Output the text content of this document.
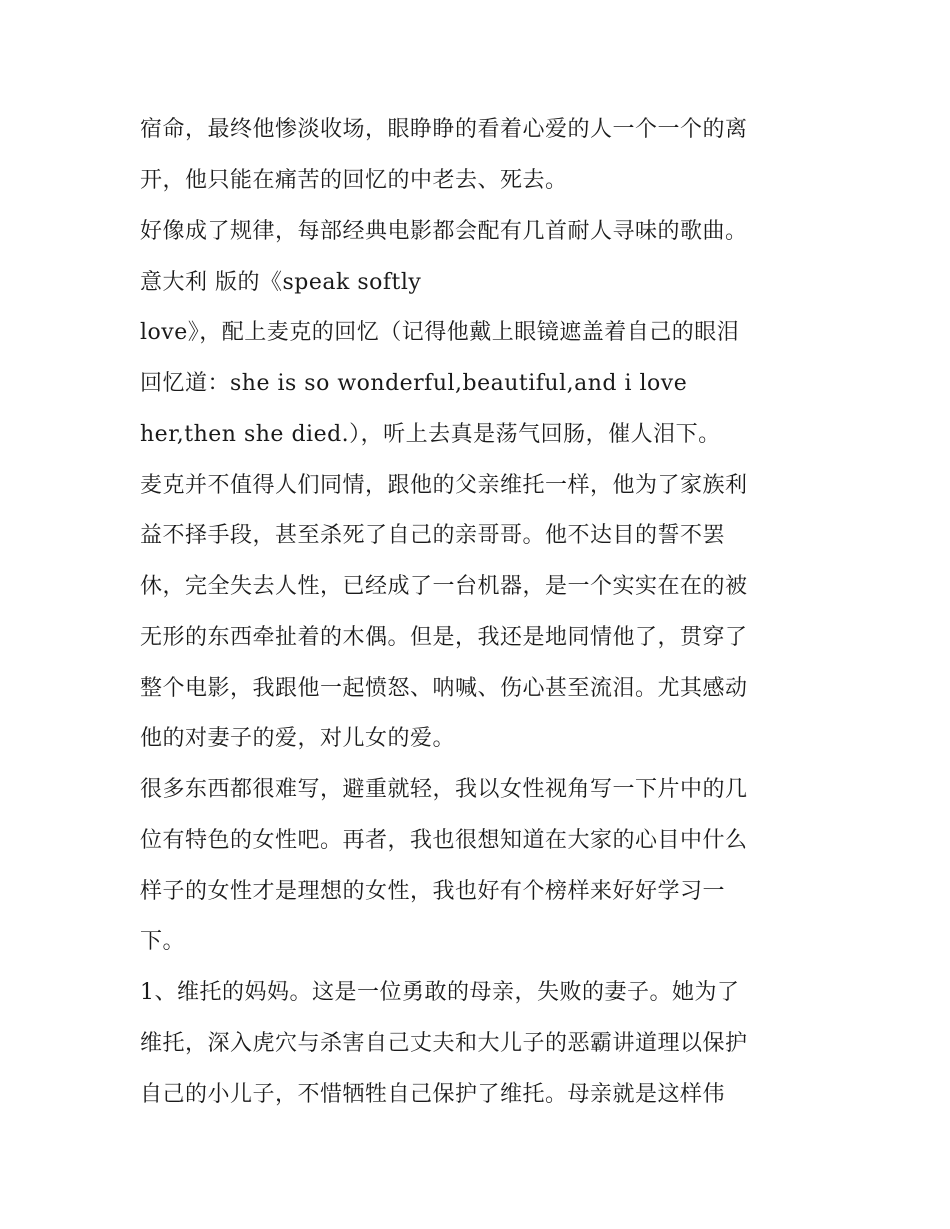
宿命，最终他惨淡收场，眼睁睁的看着心爱的人一个一个的离
开，他只能在痛苦的回忆的中老去、死去。
好像成了规律，每部经典电影都会配有几首耐人寻味的歌曲。
意大利 版的《speak softly
love》，配上麦克的回忆（记得他戴上眼镜遮盖着自己的眼泪
回忆道：she is so wonderful,beautiful,and i love
her,then she died.），听上去真是荡气回肠，催人泪下。
麦克并不值得人们同情，跟他的父亲维托一样，他为了家族利
益不择手段，甚至杀死了自己的亲哥哥。他不达目的誓不罢
休，完全失去人性，已经成了一台机器，是一个实实在在的被
无形的东西牵扯着的木偶。但是，我还是地同情他了，贯穿了
整个电影，我跟他一起愤怒、呐喊、伤心甚至流泪。尤其感动
他的对妻子的爱，对儿女的爱。
很多东西都很难写，避重就轻，我以女性视角写一下片中的几
位有特色的女性吧。再者，我也很想知道在大家的心目中什么
样子的女性才是理想的女性，我也好有个榜样来好好学习一
下。
1、维托的妈妈。这是一位勇敢的母亲，失败的妻子。她为了
维托，深入虎穴与杀害自己丈夫和大儿子的恶霸讲道理以保护
自己的小儿子，不惜牺牲自己保护了维托。母亲就是这样伟
